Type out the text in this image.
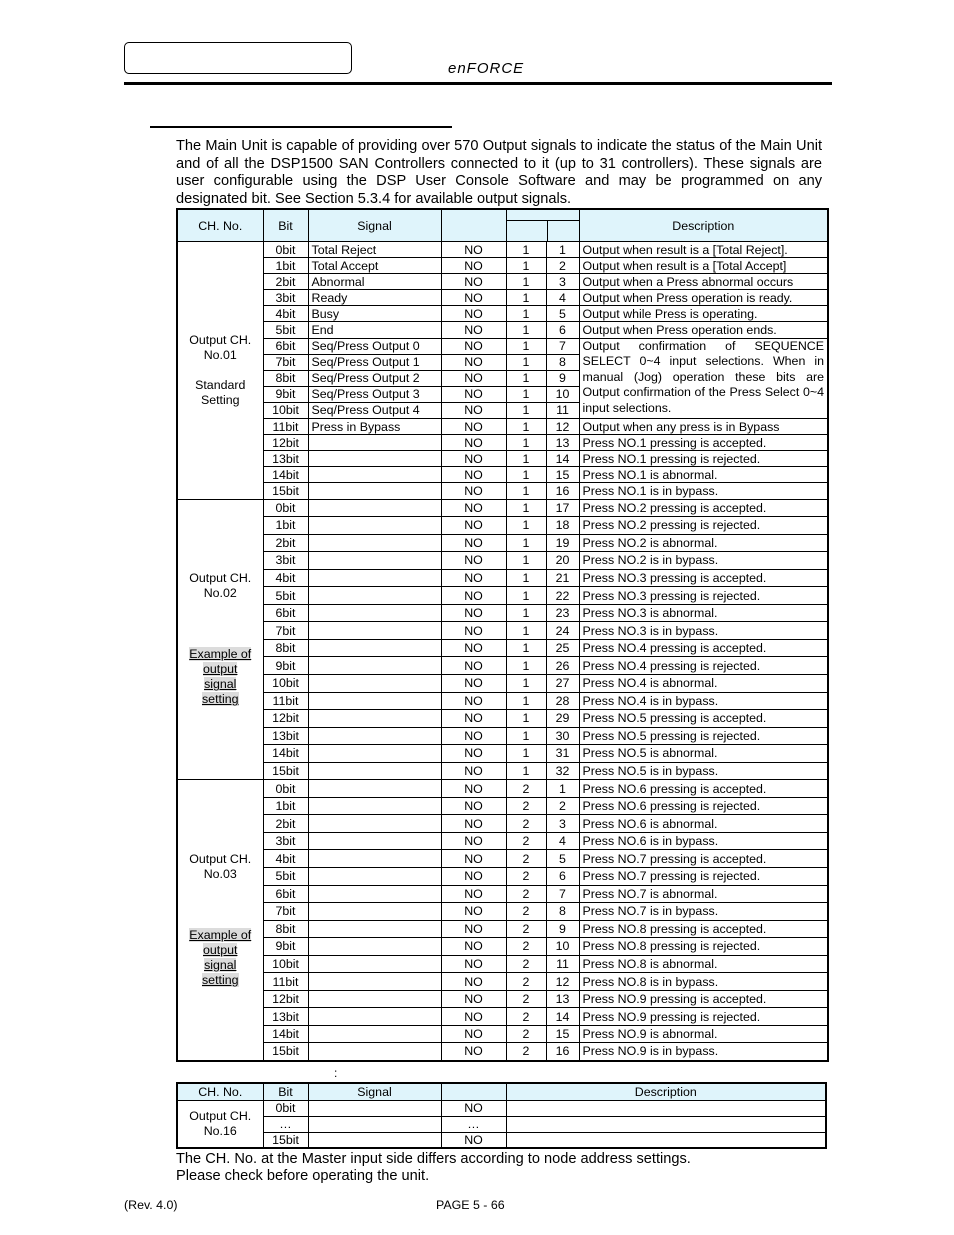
enFORCE
The Main Unit is capable of providing over 570 Output signals to indicate the status of the Main Unit and of all the DSP1500 SAN Controllers connected to it (up to 31 controllers). These signals are user configurable using the DSP User Console Software and may be programmed on any designated bit. See Section 5.3.4 for available output signals.
CH. No.	Bit	Signal				Description

Output CH.
No.01

Standard
Setting	0bit	Total Reject	NO	1	1	Output when result is a [Total Reject].
	1bit	Total Accept	NO	1	2	Output when result is a [Total Accept]
	2bit	Abnormal	NO	1	3	Output when a Press abnormal occurs
	3bit	Ready	NO	1	4	Output when Press operation is ready.
	4bit	Busy	NO	1	5	Output while Press is operating.
	5bit	End	NO	1	6	Output when Press operation ends.
	6bit	Seq/Press Output 0	NO	1	7	Output confirmation of SEQUENCE SELECT 0~4 input selections. When in manual (Jog) operation these bits are Output confirmation of the Press Select 0~4 input selections.
	7bit	Seq/Press Output 1	NO	1	8	
	8bit	Seq/Press Output 2	NO	1	9	
	9bit	Seq/Press Output 3	NO	1	10	
	10bit	Seq/Press Output 4	NO	1	11	
	11bit	Press in Bypass	NO	1	12	Output when any press is in Bypass
	12bit		NO	1	13	Press NO.1 pressing is accepted.
	13bit		NO	1	14	Press NO.1 pressing is rejected.
	14bit		NO	1	15	Press NO.1 is abnormal.
	15bit		NO	1	16	Press NO.1 is in bypass.

Output CH.
No.02
Example of output signal setting	0bit		NO	1	17	Press NO.2 pressing is accepted.
	1bit		NO	1	18	Press NO.2 pressing is rejected.
	2bit		NO	1	19	Press NO.2 is abnormal.
	3bit		NO	1	20	Press NO.2 is in bypass.
	4bit		NO	1	21	Press NO.3 pressing is accepted.
	5bit		NO	1	22	Press NO.3 pressing is rejected.
	6bit		NO	1	23	Press NO.3 is abnormal.
	7bit		NO	1	24	Press NO.3 is in bypass.
	8bit		NO	1	25	Press NO.4 pressing is accepted.
	9bit		NO	1	26	Press NO.4 pressing is rejected.
	10bit		NO	1	27	Press NO.4 is abnormal.
	11bit		NO	1	28	Press NO.4 is in bypass.
	12bit		NO	1	29	Press NO.5 pressing is accepted.
	13bit		NO	1	30	Press NO.5 pressing is rejected.
	14bit		NO	1	31	Press NO.5 is abnormal.
	15bit		NO	1	32	Press NO.5 is in bypass.

Output CH.
No.03
Example of output signal setting	0bit		NO	2	1	Press NO.6 pressing is accepted.
	1bit		NO	2	2	Press NO.6 pressing is rejected.
	2bit		NO	2	3	Press NO.6 is abnormal.
	3bit		NO	2	4	Press NO.6 is in bypass.
	4bit		NO	2	5	Press NO.7 pressing is accepted.
	5bit		NO	2	6	Press NO.7 pressing is rejected.
	6bit		NO	2	7	Press NO.7 is abnormal.
	7bit		NO	2	8	Press NO.7 is in bypass.
	8bit		NO	2	9	Press NO.8 pressing is accepted.
	9bit		NO	2	10	Press NO.8 pressing is rejected.
	10bit		NO	2	11	Press NO.8 is abnormal.
	11bit		NO	2	12	Press NO.8 is in bypass.
	12bit		NO	2	13	Press NO.9 pressing is accepted.
	13bit		NO	2	14	Press NO.9 pressing is rejected.
	14bit		NO	2	15	Press NO.9 is abnormal.
	15bit		NO	2	16	Press NO.9 is in bypass.
:
CH. No.	Bit	Signal		Description

Output CH.
No.16	0bit		NO	
	…		…	
	15bit		NO	
The CH. No. at the Master input side differs according to node address settings.
Please check before operating the unit.
(Rev. 4.0)	PAGE 5 - 66
